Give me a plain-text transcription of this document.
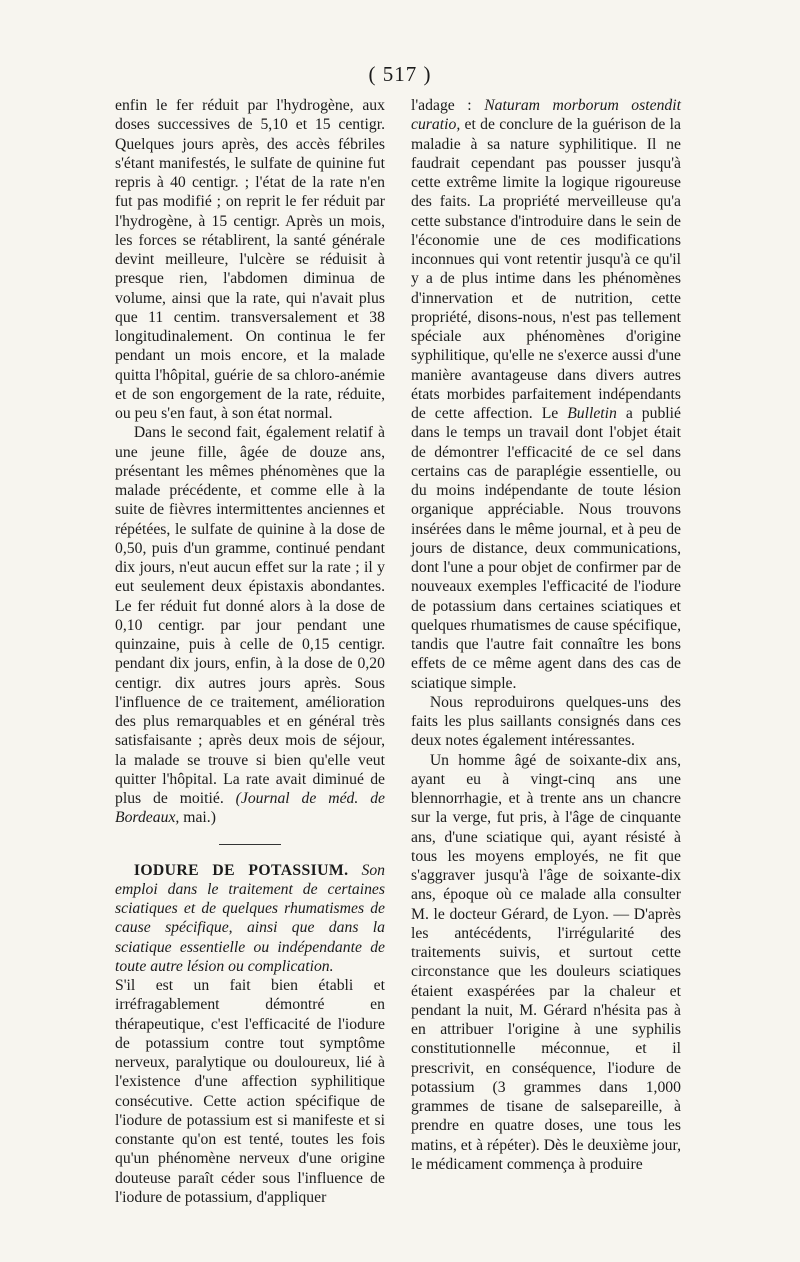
( 517 )

enfin le fer réduit par l'hydrogène, aux doses successives de 5,10 et 15 centigr. Quelques jours après, des accès fébriles s'étant manifestés, le sulfate de quinine fut repris à 40 centigr. ; l'état de la rate n'en fut pas modifié ; on reprit le fer réduit par l'hydrogène, à 15 centigr. Après un mois, les forces se rétablirent, la santé générale devint meilleure, l'ulcère se réduisit à presque rien, l'abdomen diminua de volume, ainsi que la rate, qui n'avait plus que 11 centim. transversalement et 38 longitudinalement. On continua le fer pendant un mois encore, et la malade quitta l'hôpital, guérie de sa chloro-anémie et de son engorgement de la rate, réduite, ou peu s'en faut, à son état normal.

Dans le second fait, également relatif à une jeune fille, âgée de douze ans, présentant les mêmes phénomènes que la malade précédente, et comme elle à la suite de fièvres intermittentes anciennes et répétées, le sulfate de quinine à la dose de 0,50, puis d'un gramme, continué pendant dix jours, n'eut aucun effet sur la rate ; il y eut seulement deux épistaxis abondantes. Le fer réduit fut donné alors à la dose de 0,10 centigr. par jour pendant une quinzaine, puis à celle de 0,15 centigr. pendant dix jours, enfin, à la dose de 0,20 centigr. dix autres jours après. Sous l'influence de ce traitement, amélioration des plus remarquables et en général très satisfaisante ; après deux mois de séjour, la malade se trouve si bien qu'elle veut quitter l'hôpital. La rate avait diminué de plus de moitié. (Journal de méd. de Bordeaux, mai.)

IODURE DE POTASSIUM. Son emploi dans le traitement de certaines sciatiques et de quelques rhumatismes de cause spécifique, ainsi que dans la sciatique essentielle ou indépendante de toute autre lésion ou complication.

S'il est un fait bien établi et irréfragablement démontré en thérapeutique, c'est l'efficacité de l'iodure de potassium contre tout symptôme nerveux, paralytique ou douloureux, lié à l'existence d'une affection syphilitique consécutive. Cette action spécifique de l'iodure de potassium est si manifeste et si constante qu'on est tenté, toutes les fois qu'un phénomène nerveux d'une origine douteuse paraît céder sous l'influence de l'iodure de potassium, d'appliquer

l'adage : Naturam morborum ostendit curatio, et de conclure de la guérison de la maladie à sa nature syphilitique. Il ne faudrait cependant pas pousser jusqu'à cette extrême limite la logique rigoureuse des faits. La propriété merveilleuse qu'a cette substance d'introduire dans le sein de l'économie une de ces modifications inconnues qui vont retentir jusqu'à ce qu'il y a de plus intime dans les phénomènes d'innervation et de nutrition, cette propriété, disons-nous, n'est pas tellement spéciale aux phénomènes d'origine syphilitique, qu'elle ne s'exerce aussi d'une manière avantageuse dans divers autres états morbides parfaitement indépendants de cette affection. Le Bulletin a publié dans le temps un travail dont l'objet était de démontrer l'efficacité de ce sel dans certains cas de paraplégie essentielle, ou du moins indépendante de toute lésion organique appréciable. Nous trouvons insérées dans le même journal, et à peu de jours de distance, deux communications, dont l'une a pour objet de confirmer par de nouveaux exemples l'efficacité de l'iodure de potassium dans certaines sciatiques et quelques rhumatismes de cause spécifique, tandis que l'autre fait connaître les bons effets de ce même agent dans des cas de sciatique simple.

Nous reproduirons quelques-uns des faits les plus saillants consignés dans ces deux notes également intéressantes.

Un homme âgé de soixante-dix ans, ayant eu à vingt-cinq ans une blennorrhagie, et à trente ans un chancre sur la verge, fut pris, à l'âge de cinquante ans, d'une sciatique qui, ayant résisté à tous les moyens employés, ne fit que s'aggraver jusqu'à l'âge de soixante-dix ans, époque où ce malade alla consulter M. le docteur Gérard, de Lyon. — D'après les antécédents, l'irrégularité des traitements suivis, et surtout cette circonstance que les douleurs sciatiques étaient exaspérées par la chaleur et pendant la nuit, M. Gérard n'hésita pas à en attribuer l'origine à une syphilis constitutionnelle méconnue, et il prescrivit, en conséquence, l'iodure de potassium (3 grammes dans 1,000 grammes de tisane de salsepareille, à prendre en quatre doses, une tous les matins, et à répéter). Dès le deuxième jour, le médicament commença à produire
